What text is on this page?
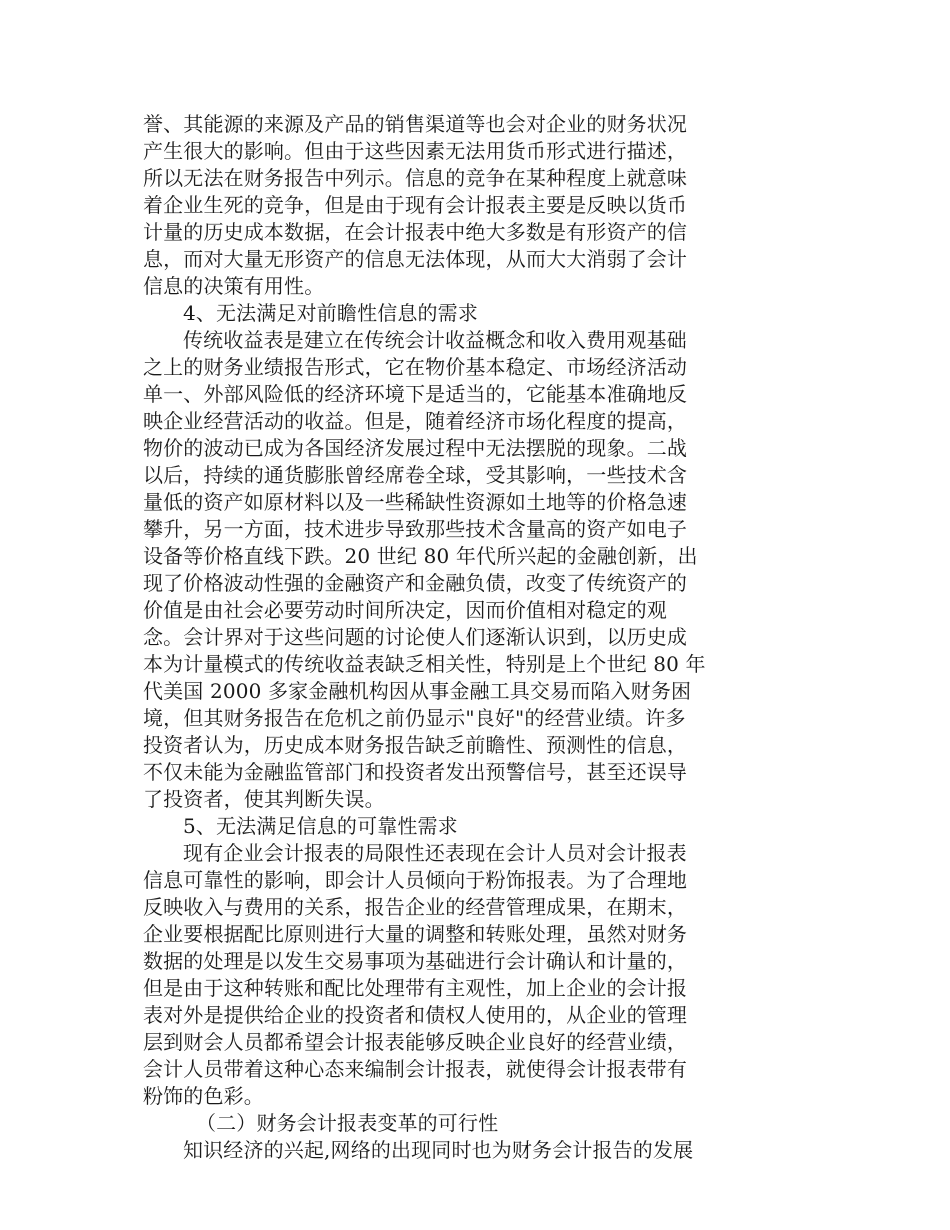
誉、其能源的来源及产品的销售渠道等也会对企业的财务状况
产生很大的影响。但由于这些因素无法用货币形式进行描述，
所以无法在财务报告中列示。信息的竞争在某种程度上就意味
着企业生死的竞争，但是由于现有会计报表主要是反映以货币
计量的历史成本数据，在会计报表中绝大多数是有形资产的信
息，而对大量无形资产的信息无法体现，从而大大消弱了会计
信息的决策有用性。
4、无法满足对前瞻性信息的需求
传统收益表是建立在传统会计收益概念和收入费用观基础
之上的财务业绩报告形式，它在物价基本稳定、市场经济活动
单一、外部风险低的经济环境下是适当的，它能基本准确地反
映企业经营活动的收益。但是，随着经济市场化程度的提高，
物价的波动已成为各国经济发展过程中无法摆脱的现象。二战
以后，持续的通货膨胀曾经席卷全球，受其影响，一些技术含
量低的资产如原材料以及一些稀缺性资源如土地等的价格急速
攀升，另一方面，技术进步导致那些技术含量高的资产如电子
设备等价格直线下跌。20 世纪 80 年代所兴起的金融创新，出
现了价格波动性强的金融资产和金融负债，改变了传统资产的
价值是由社会必要劳动时间所决定，因而价值相对稳定的观
念。会计界对于这些问题的讨论使人们逐渐认识到，以历史成
本为计量模式的传统收益表缺乏相关性，特别是上个世纪 80 年
代美国 2000 多家金融机构因从事金融工具交易而陷入财务困
境，但其财务报告在危机之前仍显示"良好"的经营业绩。许多
投资者认为，历史成本财务报告缺乏前瞻性、预测性的信息，
不仅未能为金融监管部门和投资者发出预警信号，甚至还误导
了投资者，使其判断失误。
5、无法满足信息的可靠性需求
现有企业会计报表的局限性还表现在会计人员对会计报表
信息可靠性的影响，即会计人员倾向于粉饰报表。为了合理地
反映收入与费用的关系，报告企业的经营管理成果，在期末，
企业要根据配比原则进行大量的调整和转账处理，虽然对财务
数据的处理是以发生交易事项为基础进行会计确认和计量的，
但是由于这种转账和配比处理带有主观性，加上企业的会计报
表对外是提供给企业的投资者和债权人使用的，从企业的管理
层到财会人员都希望会计报表能够反映企业良好的经营业绩，
会计人员带着这种心态来编制会计报表，就使得会计报表带有
粉饰的色彩。
（二）财务会计报表变革的可行性
知识经济的兴起,网络的出现同时也为财务会计报告的发展
